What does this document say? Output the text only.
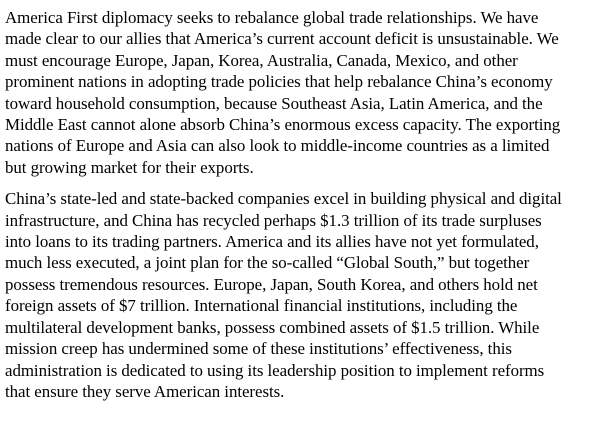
America First diplomacy seeks to rebalance global trade relationships. We have
made clear to our allies that America’s current account deficit is unsustainable. We
must encourage Europe, Japan, Korea, Australia, Canada, Mexico, and other
prominent nations in adopting trade policies that help rebalance China’s economy
toward household consumption, because Southeast Asia, Latin America, and the
Middle East cannot alone absorb China’s enormous excess capacity. The exporting
nations of Europe and Asia can also look to middle-income countries as a limited
but growing market for their exports.

China’s state-led and state-backed companies excel in building physical and digital
infrastructure, and China has recycled perhaps $1.3 trillion of its trade surpluses
into loans to its trading partners. America and its allies have not yet formulated,
much less executed, a joint plan for the so-called “Global South,” but together
possess tremendous resources. Europe, Japan, South Korea, and others hold net
foreign assets of $7 trillion. International financial institutions, including the
multilateral development banks, possess combined assets of $1.5 trillion. While
mission creep has undermined some of these institutions’ effectiveness, this
administration is dedicated to using its leadership position to implement reforms
that ensure they serve American interests.
